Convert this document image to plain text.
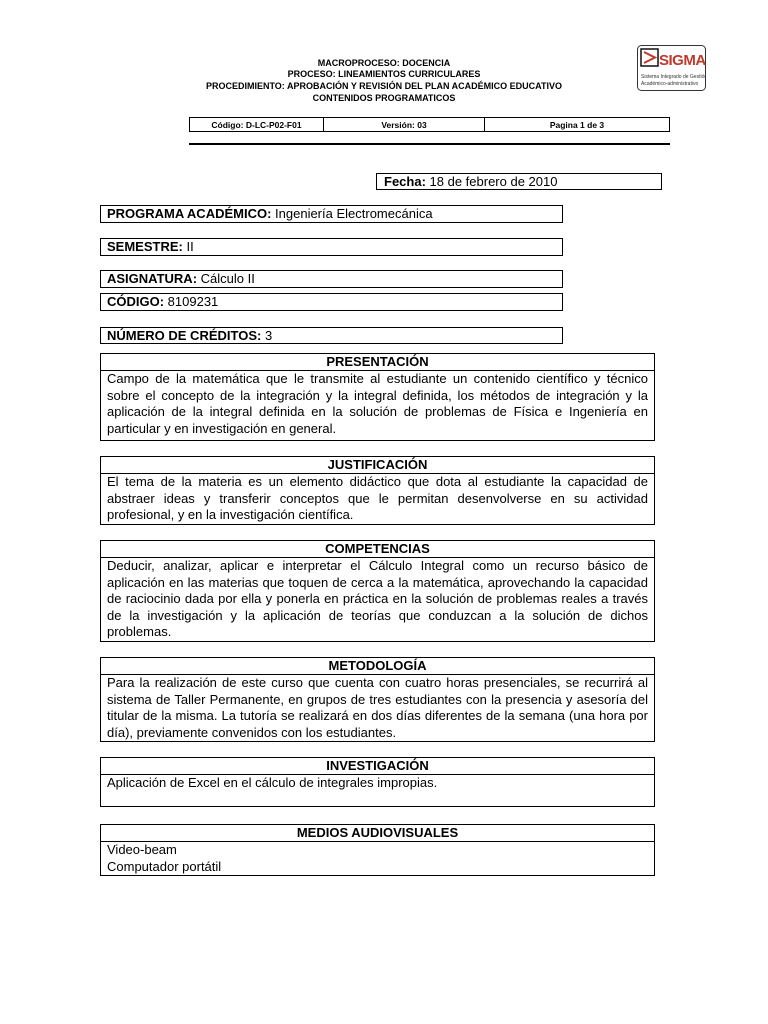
MACROPROCESO: DOCENCIA
PROCESO: LINEAMIENTOS CURRICULARES
PROCEDIMIENTO: APROBACIÓN Y REVISIÓN DEL PLAN ACADÉMICO EDUCATIVO
CONTENIDOS PROGRAMATICOS
SIGMA
Sistema Integrado de Gestión
Académico-administrativo
Código: D-LC-P02-F01	Versión: 03	Pagina 1 de 3
Fecha: 18 de febrero de 2010
PROGRAMA ACADÉMICO: Ingeniería Electromecánica
SEMESTRE: II
ASIGNATURA: Cálculo II
CÓDIGO: 8109231
NÚMERO DE CRÉDITOS: 3
PRESENTACIÓN
Campo de la matemática que le transmite al estudiante un contenido científico y técnico sobre el concepto de la integración y la integral definida, los métodos de integración y la aplicación de la integral definida en la solución de problemas de Física e Ingeniería en particular y en investigación en general.
JUSTIFICACIÓN
El tema de la materia es un elemento didáctico que dota al estudiante la capacidad de abstraer ideas y transferir conceptos que le permitan desenvolverse en su actividad profesional, y en la investigación científica.
COMPETENCIAS
Deducir, analizar, aplicar e interpretar el Cálculo Integral como un recurso básico de aplicación en las materias que toquen de cerca a la matemática, aprovechando la capacidad de raciocinio dada por ella y ponerla en práctica en la solución de problemas reales a través de la investigación y la aplicación de teorías que conduzcan a la solución de dichos problemas.
METODOLOGÍA
Para la realización de este curso que cuenta con cuatro horas presenciales, se recurrirá al sistema de Taller Permanente, en grupos de tres estudiantes con la presencia y asesoría del titular de la misma. La tutoría se realizará en dos días diferentes de la semana (una hora por día), previamente convenidos con los estudiantes.
INVESTIGACIÓN
Aplicación de Excel en el cálculo de integrales impropias.
MEDIOS AUDIOVISUALES
Video-beam
Computador portátil
